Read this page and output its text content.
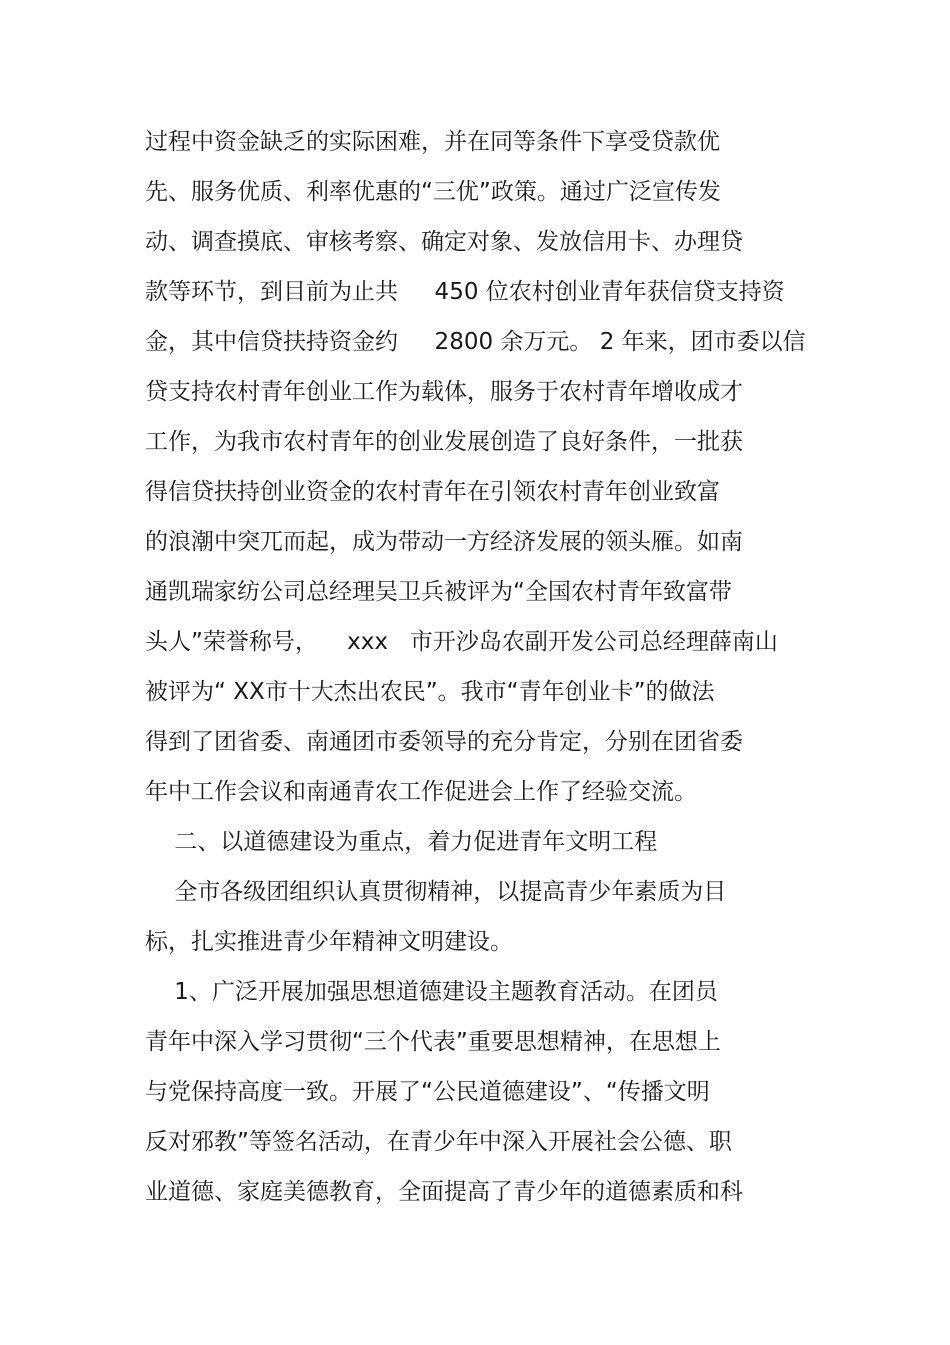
过程中资金缺乏的实际困难，并在同等条件下享受贷款优
先、服务优质、利率优惠的“三优”政策。通过广泛宣传发
动、调查摸底、审核考察、确定对象、发放信用卡、办理贷
款等环节，到目前为止共     450 位农村创业青年获信贷支持资
金，其中信贷扶持资金约     2800 余万元。 2 年来，团市委以信
贷支持农村青年创业工作为载体，服务于农村青年增收成才
工作，为我市农村青年的创业发展创造了良好条件，一批获
得信贷扶持创业资金的农村青年在引领农村青年创业致富
的浪潮中突兀而起，成为带动一方经济发展的领头雁。如南
通凯瑞家纺公司总经理吴卫兵被评为“全国农村青年致富带
头人”荣誉称号，    xxx   市开沙岛农副开发公司总经理薛南山
被评为“ XX市十大杰出农民”。我市“青年创业卡”的做法
得到了团省委、南通团市委领导的充分肯定，分别在团省委
年中工作会议和南通青农工作促进会上作了经验交流。
二、以道德建设为重点，着力促进青年文明工程
全市各级团组织认真贯彻精神，以提高青少年素质为目
标，扎实推进青少年精神文明建设。
1、广泛开展加强思想道德建设主题教育活动。在团员
青年中深入学习贯彻“三个代表”重要思想精神，在思想上
与党保持高度一致。开展了“公民道德建设”、“传播文明
反对邪教”等签名活动，在青少年中深入开展社会公德、职
业道德、家庭美德教育，全面提高了青少年的道德素质和科
